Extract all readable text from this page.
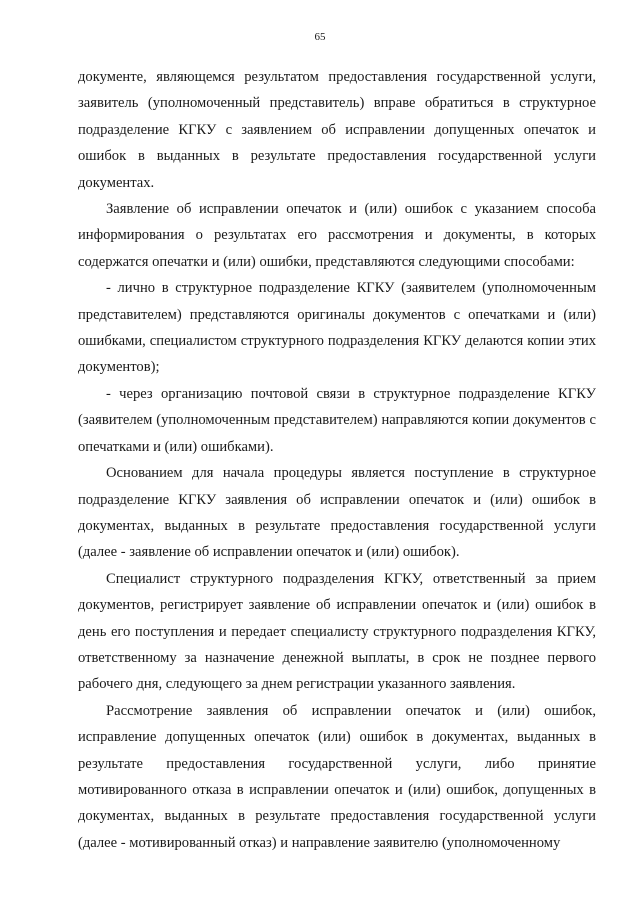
65

документе, являющемся результатом предоставления государственной услуги, заявитель (уполномоченный представитель) вправе обратиться в структурное подразделение КГКУ с заявлением об исправлении допущенных опечаток и ошибок в выданных в результате предоставления государственной услуги документах.

Заявление об исправлении опечаток и (или) ошибок с указанием способа информирования о результатах его рассмотрения и документы, в которых содержатся опечатки и (или) ошибки, представляются следующими способами:

- лично в структурное подразделение КГКУ (заявителем (уполномоченным представителем) представляются оригиналы документов с опечатками и (или) ошибками, специалистом структурного подразделения КГКУ делаются копии этих документов);

- через организацию почтовой связи в структурное подразделение КГКУ (заявителем (уполномоченным представителем) направляются копии документов с опечатками и (или) ошибками).

Основанием для начала процедуры является поступление в структурное подразделение КГКУ заявления об исправлении опечаток и (или) ошибок в документах, выданных в результате предоставления государственной услуги (далее - заявление об исправлении опечаток и (или) ошибок).

Специалист структурного подразделения КГКУ, ответственный за прием документов, регистрирует заявление об исправлении опечаток и (или) ошибок в день его поступления и передает специалисту структурного подразделения КГКУ, ответственному за назначение денежной выплаты, в срок не позднее первого рабочего дня, следующего за днем регистрации указанного заявления.

Рассмотрение заявления об исправлении опечаток и (или) ошибок, исправление допущенных опечаток (или) ошибок в документах, выданных в результате предоставления государственной услуги, либо принятие мотивированного отказа в исправлении опечаток и (или) ошибок, допущенных в документах, выданных в результате предоставления государственной услуги (далее - мотивированный отказ) и направление заявителю (уполномоченному
